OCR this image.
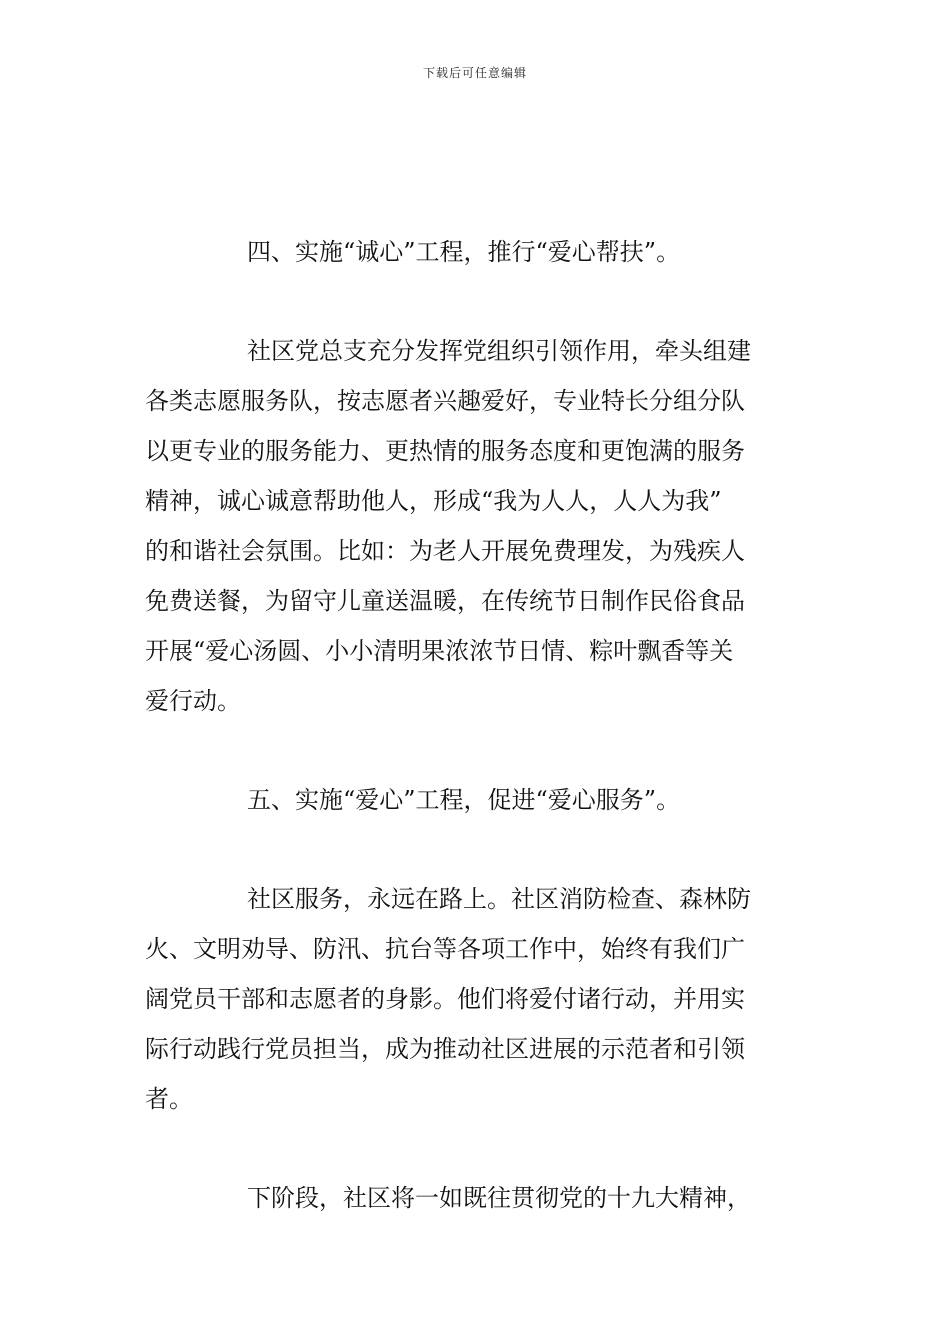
下载后可任意编辑
四、实施“诚心”工程，推行“爱心帮扶”。
社区党总支充分发挥党组织引领作用，牵头组建
各类志愿服务队，按志愿者兴趣爱好，专业特长分组分队
以更专业的服务能力、更热情的服务态度和更饱满的服务
精神，诚心诚意帮助他人，形成“我为人人，人人为我”
的和谐社会氛围。比如：为老人开展免费理发，为残疾人
免费送餐，为留守儿童送温暖，在传统节日制作民俗食品
开展“爱心汤圆、小小清明果浓浓节日情、粽叶飘香等关
爱行动。
五、实施“爱心”工程，促进“爱心服务”。
社区服务，永远在路上。社区消防检查、森林防
火、文明劝导、防汛、抗台等各项工作中，始终有我们广
阔党员干部和志愿者的身影。他们将爱付诸行动，并用实
际行动践行党员担当，成为推动社区进展的示范者和引领
者。
下阶段，社区将一如既往贯彻党的十九大精神，
